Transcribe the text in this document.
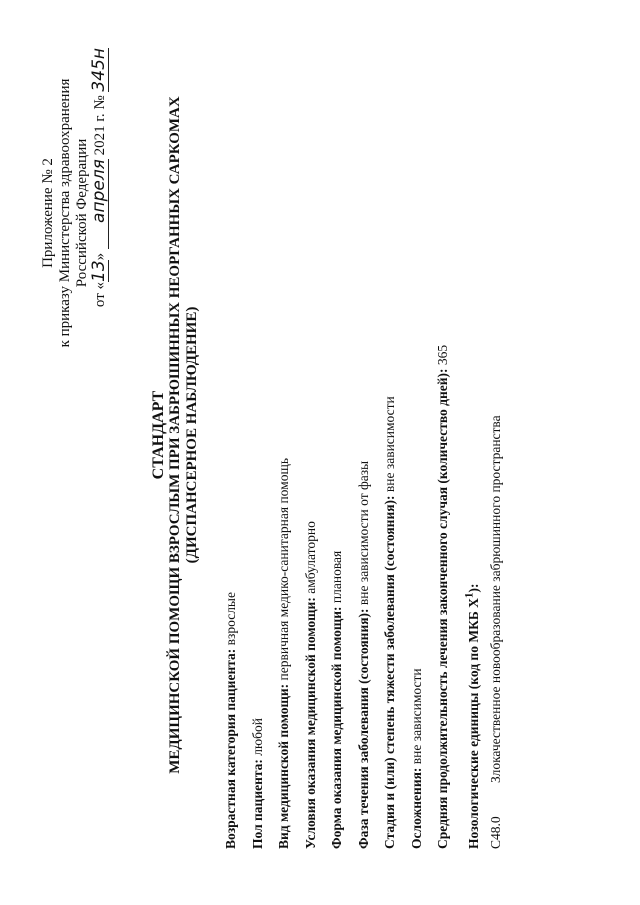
Приложение № 2 к приказу Министерства здравоохранения Российской Федерации
от «13» апреля 2021 г. № 345н
СТАНДАРТ МЕДИЦИНСКОЙ ПОМОЩИ ВЗРОСЛЫМ ПРИ ЗАБРЮШИННЫХ НЕОРГАННЫХ САРКОМАХ (ДИСПАНСЕРНОЕ НАБЛЮДЕНИЕ)
Возрастная категория пациента: взрослые
Пол пациента: любой Вид медицинской помощи: первичная медико-санитарная помощь
Условия оказания медицинской помощи: амбулаторно
Форма оказания медицинской помощи: плановая
Фаза течения заболевания (состояния): вне зависимости от фазы Стадия и (или) степень тяжести заболевания (состояния): вне зависимости
Осложнения: вне зависимости Средняя продолжительность лечения законченного случая (количество дней): 365
Нозологические единицы (код по МКБ $X^1$):
C48.0
Злокачественное новообразование забрюшинного пространства
